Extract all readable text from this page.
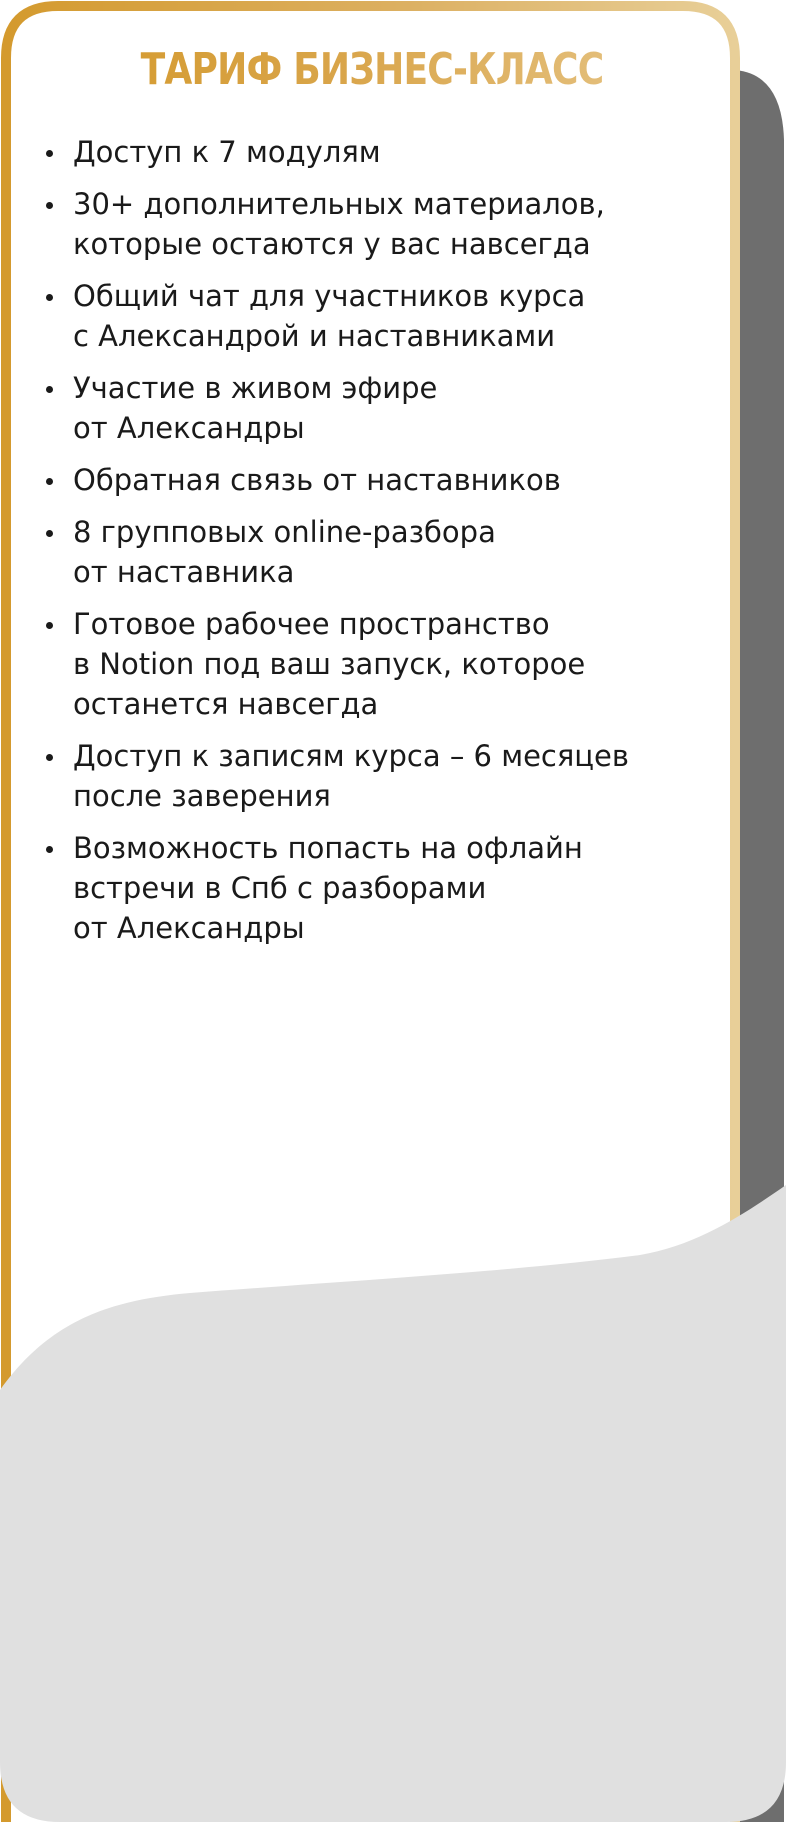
ТАРИФ БИЗНЕС-КЛАСС
Доступ к 7 модулям
30+ дополнительных материалов,
которые остаются у вас навсегда
Общий чат для участников курса
с Александрой и наставниками
Участие в живом эфире
от Александры
Обратная связь от наставников
8 групповых online-разбора
от наставника
Готовое рабочее пространство
в Notion под ваш запуск, которое
останется навсегда
Доступ к записям курса – 6 месяцев
после заверения
Возможность попасть на офлайн
встречи в Спб с разборами
от Александры
